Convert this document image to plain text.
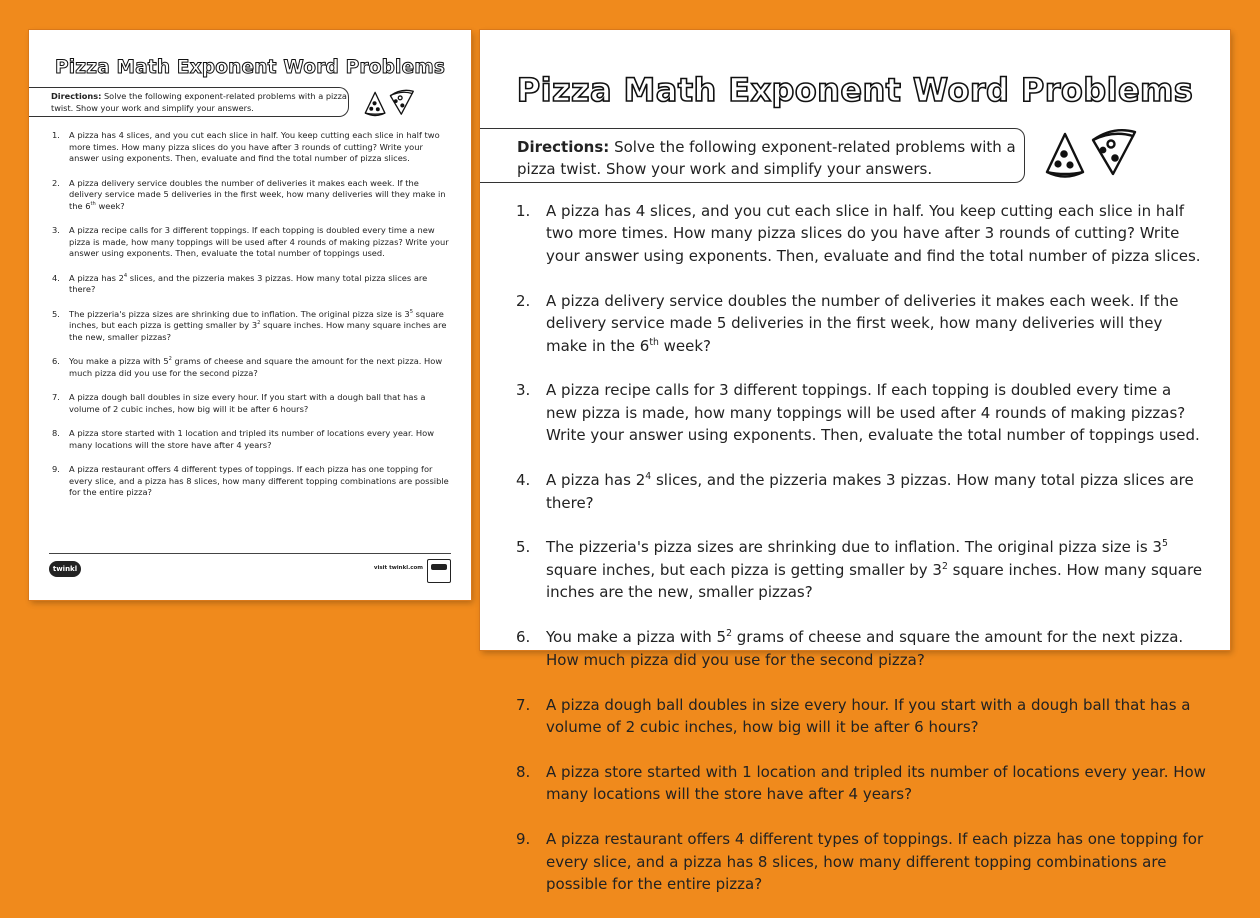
Pizza Math Exponent Word Problems
Directions: Solve the following exponent-related problems with a pizza twist. Show your work and simplify your answers.
1.	A pizza has 4 slices, and you cut each slice in half. You keep cutting each slice in half two more times. How many pizza slices do you have after 3 rounds of cutting? Write your answer using exponents. Then, evaluate and find the total number of pizza slices.
2.	A pizza delivery service doubles the number of deliveries it makes each week. If the delivery service made 5 deliveries in the first week, how many deliveries will they make in the 6th week?
3.	A pizza recipe calls for 3 different toppings. If each topping is doubled every time a new pizza is made, how many toppings will be used after 4 rounds of making pizzas? Write your answer using exponents. Then, evaluate the total number of toppings used.
4.	A pizza has $2^4$ slices, and the pizzeria makes 3 pizzas. How many total pizza slices are there?
5.	The pizzeria's pizza sizes are shrinking due to inflation. The original pizza size is $3^5$ square inches, but each pizza is getting smaller by $3^2$ square inches. How many square inches are the new, smaller pizzas?
6.	You make a pizza with $5^2$ grams of cheese and square the amount for the next pizza. How much pizza did you use for the second pizza?
7.	A pizza dough ball doubles in size every hour. If you start with a dough ball that has a volume of 2 cubic inches, how big will it be after 6 hours?
8.	A pizza store started with 1 location and tripled its number of locations every year. How many locations will the store have after 4 years?
9.	A pizza restaurant offers 4 different types of toppings. If each pizza has one topping for every slice, and a pizza has 8 slices, how many different topping combinations are possible for the entire pizza?
twinkl	visit twinkl.com
Pizza Math Exponent Word Problems
Directions: Solve the following exponent-related problems with a pizza twist. Show your work and simplify your answers.
1.	A pizza has 4 slices, and you cut each slice in half. You keep cutting each slice in half two more times. How many pizza slices do you have after 3 rounds of cutting? Write your answer using exponents. Then, evaluate and find the total number of pizza slices.
2.	A pizza delivery service doubles the number of deliveries it makes each week. If the delivery service made 5 deliveries in the first week, how many deliveries will they make in the 6th week?
3.	A pizza recipe calls for 3 different toppings. If each topping is doubled every time a new pizza is made, how many toppings will be used after 4 rounds of making pizzas? Write your answer using exponents. Then, evaluate the total number of toppings used.
4.	A pizza has $2^4$ slices, and the pizzeria makes 3 pizzas. How many total pizza slices are there?
5.	The pizzeria's pizza sizes are shrinking due to inflation. The original pizza size is $3^5$ square inches, but each pizza is getting smaller by $3^2$ square inches. How many square inches are the new, smaller pizzas?
6.	You make a pizza with $5^2$ grams of cheese and square the amount for the next pizza. How much pizza did you use for the second pizza?
7.	A pizza dough ball doubles in size every hour. If you start with a dough ball that has a volume of 2 cubic inches, how big will it be after 6 hours?
8.	A pizza store started with 1 location and tripled its number of locations every year. How many locations will the store have after 4 years?
9.	A pizza restaurant offers 4 different types of toppings. If each pizza has one topping for every slice, and a pizza has 8 slices, how many different topping combinations are possible for the entire pizza?
